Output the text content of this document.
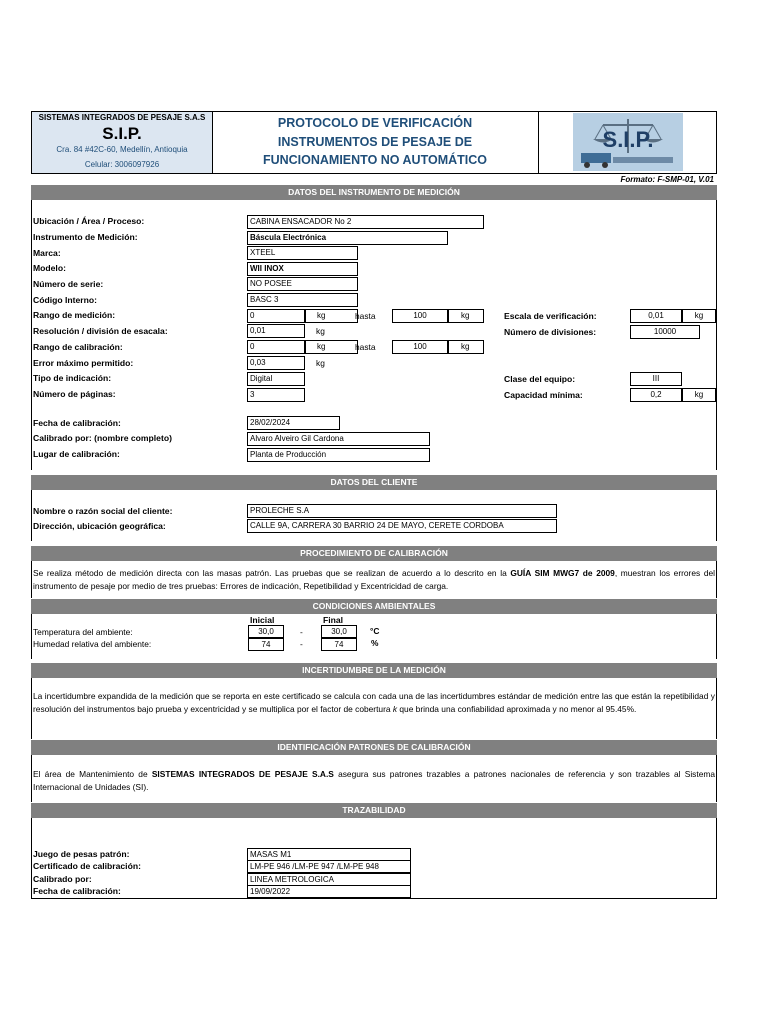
SISTEMAS INTEGRADOS DE PESAJE S.A.S
S.I.P.
Cra. 84 #42C-60, Medellín, Antioquia
Celular: 3006097926
PROTOCOLO DE VERIFICACIÓN
INSTRUMENTOS DE PESAJE DE
FUNCIONAMIENTO NO AUTOMÁTICO
S.I.P.
Formato: F-SMP-01, V.01
DATOS DEL INSTRUMENTO DE MEDICIÓN
Ubicación / Área / Proceso:	CABINA ENSACADOR No 2
Instrumento de Medición:	Báscula Electrónica
Marca:	XTEEL
Modelo:	WII INOX
Número de serie:	NO POSEE
Código Interno:	BASC 3
Rango de medición:	0	kg	hasta	100	kg	Escala de verificación:	0,01	kg
Resolución / división de esacala:	0,01	kg	Número de divisiones:	10000
Rango de calibración:	0	kg	hasta	100	kg
Error máximo permitido:	0,03	kg
Tipo de indicación:	Digital	Clase del equipo:	III
Número de páginas:	3	Capacidad mínima:	0,2	kg
Fecha de calibración:	28/02/2024
Calibrado por: (nombre completo)	Alvaro Alveiro Gil Cardona
Lugar de calibración:	Planta de Producción
DATOS DEL CLIENTE
Nombre o razón social del cliente:	PROLECHE S.A
Dirección, ubicación geográfica:	CALLE 9A, CARRERA 30 BARRIO 24 DE MAYO, CERETE CORDOBA
PROCEDIMIENTO DE CALIBRACIÓN
Se realiza método de medición directa con las masas patrón. Las pruebas que se realizan de acuerdo a lo descrito en la GUÍA SIM MWG7 de 2009, muestran los errores del instrumento de pesaje por medio de tres pruebas: Errores de indicación, Repetibilidad y Excentricidad de carga.
CONDICIONES AMBIENTALES
Inicial	Final
Temperatura del ambiente:	30,0	-	30,0	°C
Humedad relativa del ambiente:	74	-	74	%
INCERTIDUMBRE DE LA MEDICIÓN
La incertidumbre expandida de la medición que se reporta en este certificado se calcula con cada una de las incertidumbres estándar de medición entre las que están la repetibilidad y resolución del instrumentos bajo prueba y excentricidad y se multiplica por el factor de cobertura k que brinda una confiabilidad aproximada y no menor al 95.45%.
IDENTIFICACIÓN PATRONES DE CALIBRACIÓN
El área de Mantenimiento de SISTEMAS INTEGRADOS DE PESAJE S.A.S asegura sus patrones trazables a patrones nacionales de referencia y son trazables al Sistema Internacional de Unidades (SI).
TRAZABILIDAD
Juego de pesas patrón:	MASAS M1
Certificado de calibración:	LM-PE 946 /LM-PE 947 /LM-PE 948
Calibrado por:	LINEA METROLOGICA
Fecha de calibración:	19/09/2022
